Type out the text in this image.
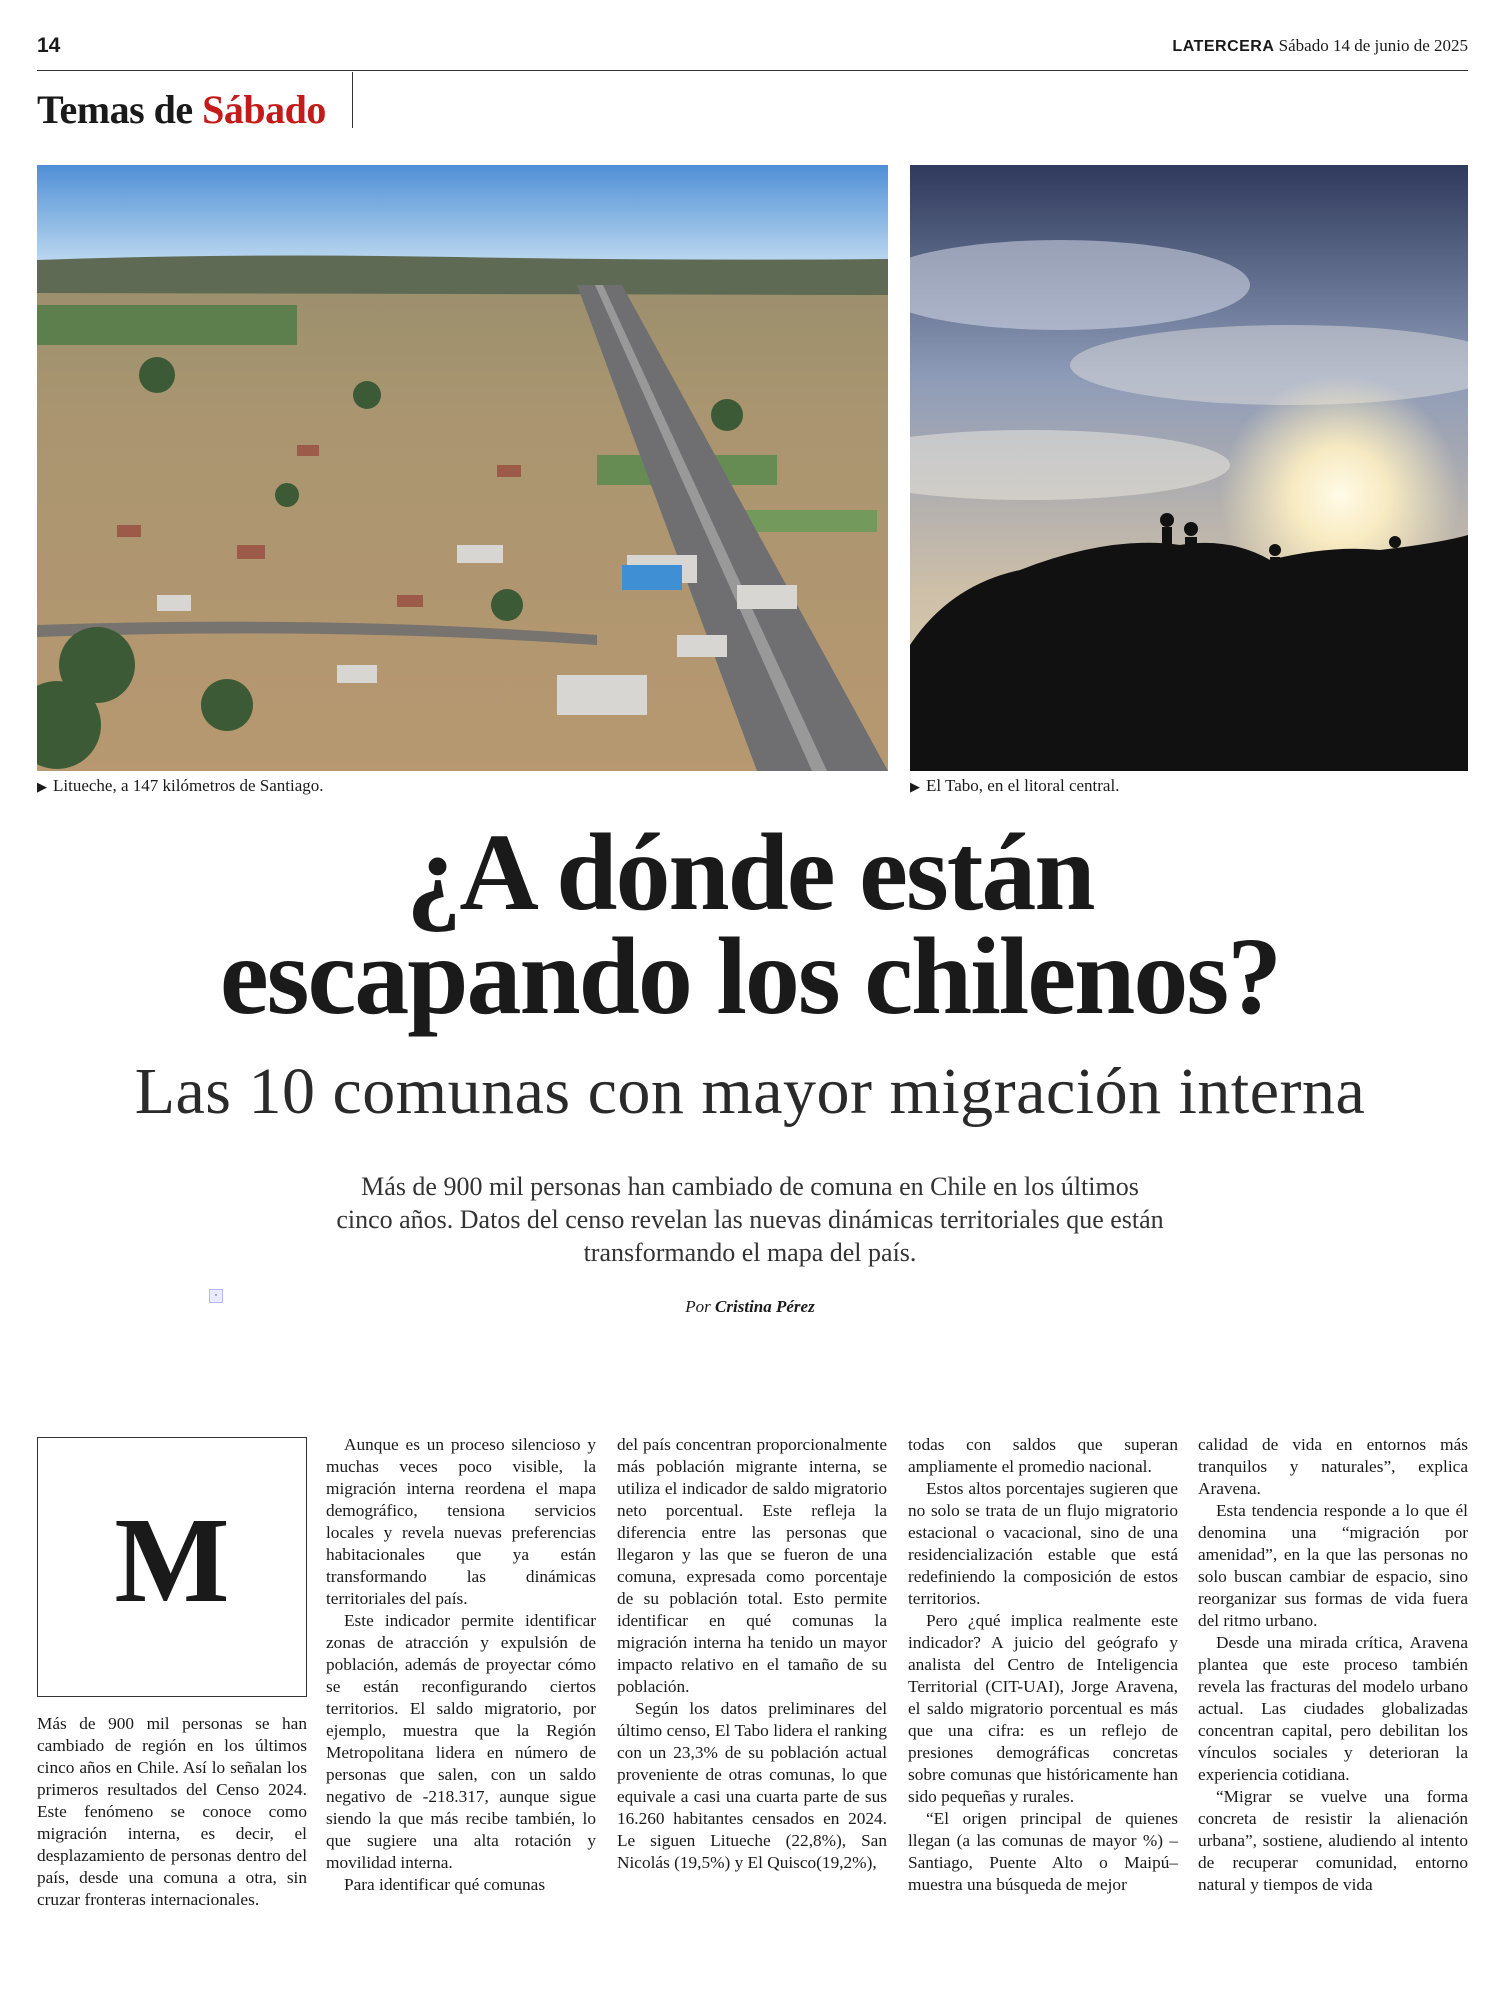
14	LATERCERA Sábado 14 de junio de 2025
Temas de Sábado
▶ Litueche, a 147 kilómetros de Santiago.	▶ El Tabo, en el litoral central.
¿A dónde están
escapando los chilenos?
Las 10 comunas con mayor migración interna
Más de 900 mil personas han cambiado de comuna en Chile en los últimos cinco años. Datos del censo revelan las nuevas dinámicas territoriales que están transformando el mapa del país.
▪
Por Cristina Pérez
M

Más de 900 mil personas se han cambiado de región en los últimos cinco años en Chile. Así lo señalan los primeros resultados del Censo 2024. Este fenómeno se conoce como migración interna, es decir, el desplazamiento de personas dentro del país, desde una comuna a otra, sin cruzar fronteras internacionales.

Aunque es un proceso silencioso y muchas veces poco visible, la migración interna reordena el mapa demográfico, tensiona servicios locales y revela nuevas preferencias habitacionales que ya están transformando las dinámicas territoriales del país.

Este indicador permite identificar zonas de atracción y expulsión de población, además de proyectar cómo se están reconfigurando ciertos territorios. El saldo migratorio, por ejemplo, muestra que la Región Metropolitana lidera en número de personas que salen, con un saldo negativo de -218.317, aunque sigue siendo la que más recibe también, lo que sugiere una alta rotación y movilidad interna.

Para identificar qué comunas

del país concentran proporcionalmente más población migrante interna, se utiliza el indicador de saldo migratorio neto porcentual. Este refleja la diferencia entre las personas que llegaron y las que se fueron de una comuna, expresada como porcentaje de su población total. Esto permite identificar en qué comunas la migración interna ha tenido un mayor impacto relativo en el tamaño de su población.

Según los datos preliminares del último censo, El Tabo lidera el ranking con un 23,3% de su población actual proveniente de otras comunas, lo que equivale a casi una cuarta parte de sus 16.260 habitantes censados en 2024. Le siguen Litueche (22,8%), San Nicolás (19,5%) y El Quisco(19,2%),

todas con saldos que superan ampliamente el promedio nacional.

Estos altos porcentajes sugieren que no solo se trata de un flujo migratorio estacional o vacacional, sino de una residencialización estable que está redefiniendo la composición de estos territorios.

Pero ¿qué implica realmente este indicador? A juicio del geógrafo y analista del Centro de Inteligencia Territorial (CIT-UAI), Jorge Aravena, el saldo migratorio porcentual es más que una cifra: es un reflejo de presiones demográficas concretas sobre comunas que históricamente han sido pequeñas y rurales.

“El origen principal de quienes llegan (a las comunas de mayor %) –Santiago, Puente Alto o Maipú– muestra una búsqueda de mejor

calidad de vida en entornos más tranquilos y naturales”, explica Aravena.

Esta tendencia responde a lo que él denomina una “migración por amenidad”, en la que las personas no solo buscan cambiar de espacio, sino reorganizar sus formas de vida fuera del ritmo urbano.

Desde una mirada crítica, Aravena plantea que este proceso también revela las fracturas del modelo urbano actual. Las ciudades globalizadas concentran capital, pero debilitan los vínculos sociales y deterioran la experiencia cotidiana.

“Migrar se vuelve una forma concreta de resistir la alienación urbana”, sostiene, aludiendo al intento de recuperar comunidad, entorno natural y tiempos de vida
